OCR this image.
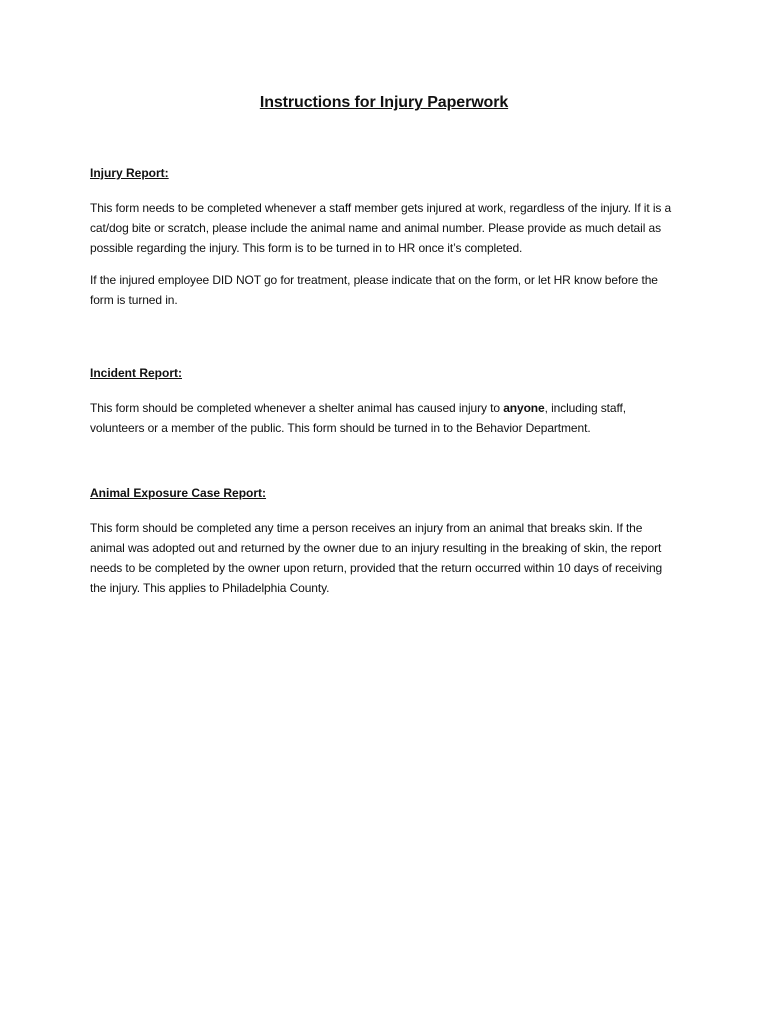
Instructions for Injury Paperwork

Injury Report:

This form needs to be completed whenever a staff member gets injured at work, regardless of the injury. If it is a cat/dog bite or scratch, please include the animal name and animal number. Please provide as much detail as possible regarding the injury. This form is to be turned in to HR once it’s completed.

If the injured employee DID NOT go for treatment, please indicate that on the form, or let HR know before the form is turned in.

Incident Report:

This form should be completed whenever a shelter animal has caused injury to anyone, including staff, volunteers or a member of the public. This form should be turned in to the Behavior Department.

Animal Exposure Case Report:

This form should be completed any time a person receives an injury from an animal that breaks skin. If the animal was adopted out and returned by the owner due to an injury resulting in the breaking of skin, the report needs to be completed by the owner upon return, provided that the return occurred within 10 days of receiving the injury. This applies to Philadelphia County.
